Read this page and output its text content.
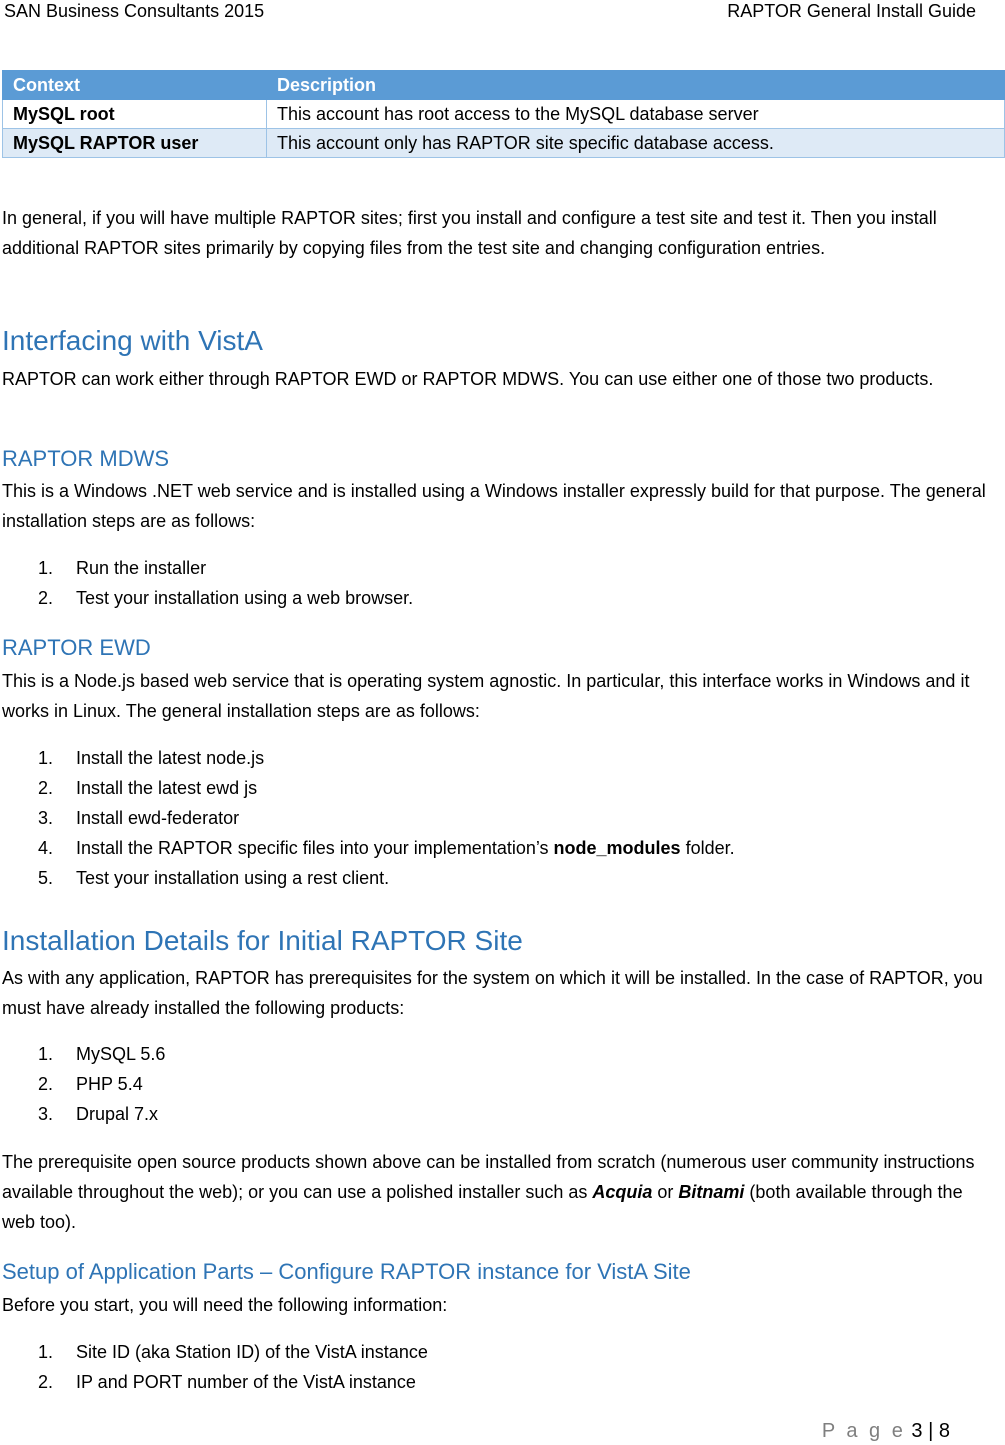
SAN Business Consultants 2015	RAPTOR General Install Guide
Context	Description
MySQL root	This account has root access to the MySQL database server
MySQL RAPTOR user	This account only has RAPTOR site specific database access.

In general, if you will have multiple RAPTOR sites; first you install and configure a test site and test it. Then you install additional RAPTOR sites primarily by copying files from the test site and changing configuration entries.

Interfacing with VistA

RAPTOR can work either through RAPTOR EWD or RAPTOR MDWS. You can use either one of those two products.

RAPTOR MDWS

This is a Windows .NET web service and is installed using a Windows installer expressly build for that purpose. The general installation steps are as follows:

1. Run the installer
2. Test your installation using a web browser.
RAPTOR EWD

This is a Node.js based web service that is operating system agnostic. In particular, this interface works in Windows and it works in Linux. The general installation steps are as follows:

1. Install the latest node.js
2. Install the latest ewd js
3. Install ewd-federator
4. Install the RAPTOR specific files into your implementation’s node_modules folder.
5. Test your installation using a rest client.
Installation Details for Initial RAPTOR Site

As with any application, RAPTOR has prerequisites for the system on which it will be installed. In the case of RAPTOR, you must have already installed the following products:

1. MySQL 5.6
2. PHP 5.4
3. Drupal 7.x

The prerequisite open source products shown above can be installed from scratch (numerous user community instructions available throughout the web); or you can use a polished installer such as Acquia or Bitnami (both available through the web too).

Setup of Application Parts – Configure RAPTOR instance for VistA Site

Before you start, you will need the following information:

1. Site ID (aka Station ID) of the VistA instance
2. IP and PORT number of the VistA instance
P a g e 3 | 8
